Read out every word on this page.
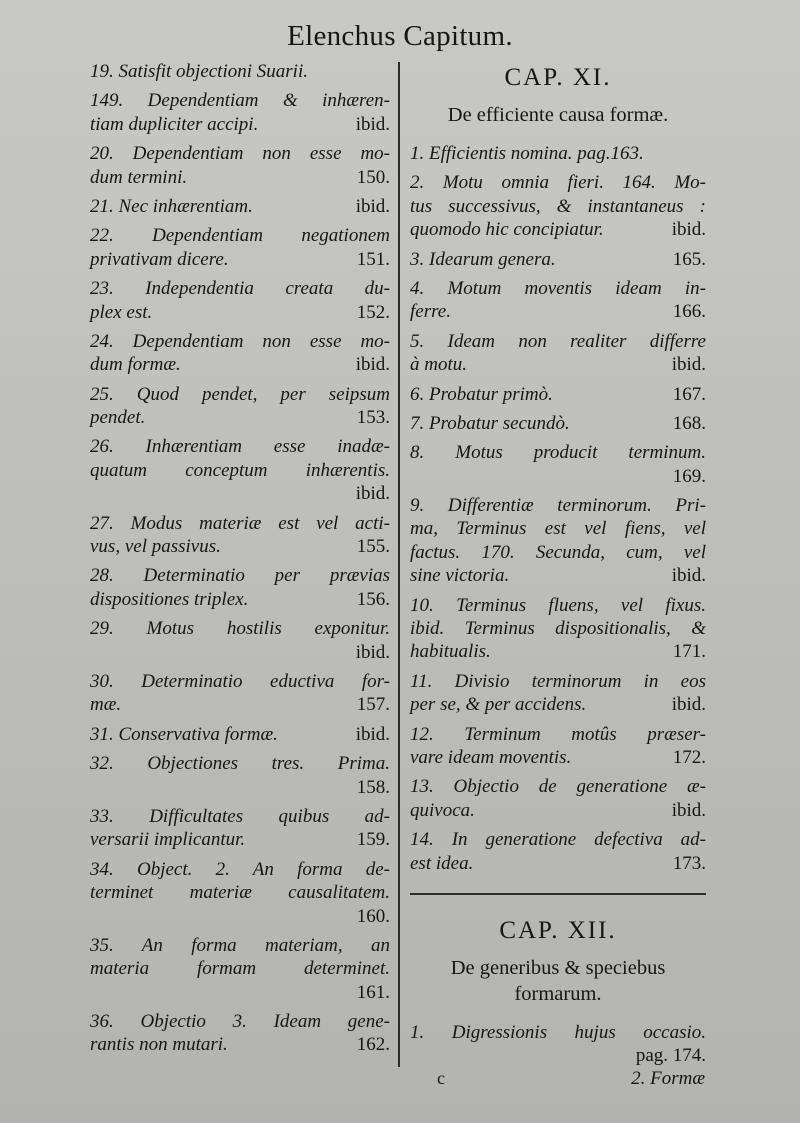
Elenchus Capitum.
19. Satisfit objectioni Suarii.
149. Dependentiam & inhæren-
tiam dupliciter accipi.	ibid.
20. Dependentiam non esse mo-
dum termini.	150.
21. Nec inhærentiam.	ibid.
22. Dependentiam negationem
privativam dicere.	151.
23. Independentia creata du-
plex est.	152.
24. Dependentiam non esse mo-
dum formæ.	ibid.
25. Quod pendet, per seipsum
pendet.	153.
26. Inhærentiam esse inadæ-
quatum conceptum inhærentis.
ibid.
27. Modus materiæ est vel acti-
vus, vel passivus.	155.
28. Determinatio per prævias
dispositiones triplex.	156.
29. Motus hostilis exponitur.
ibid.
30. Determinatio eductiva for-
mæ.	157.
31. Conservativa formæ.	ibid.
32. Objectiones tres. Prima.
158.
33. Difficultates quibus ad-
versarii implicantur.	159.
34. Object. 2. An forma de-
terminet materiæ causalitatem.
160.
35. An forma materiam, an
materia formam determinet.
161.
36. Objectio 3. Ideam gene-
rantis non mutari.	162.
CAP. XI.
De efficiente causa formæ.
1. Efficientis nomina. pag.163.
2. Motu omnia fieri. 164. Mo-
tus successivus, & instantaneus :
quomodo hic concipiatur.	ibid.
3. Idearum genera.	165.
4. Motum moventis ideam in-
ferre.	166.
5. Ideam non realiter differre
à motu.	ibid.
6. Probatur primò.	167.
7. Probatur secundò.	168.
8. Motus producit terminum.
169.
9. Differentiæ terminorum. Pri-
ma, Terminus est vel fiens, vel
factus. 170. Secunda, cum, vel
sine victoria.	ibid.
10. Terminus fluens, vel fixus.
ibid. Terminus dispositionalis, &
habitualis.	171.
11. Divisio terminorum in eos
per se, & per accidens.	ibid.
12. Terminum motûs præser-
vare ideam moventis.	172.
13. Objectio de generatione æ-
quivoca.	ibid.
14. In generatione defectiva ad-
est idea.	173.
CAP. XII.
De generibus & speciebus
formarum.
1. Digressionis hujus occasio.
pag. 174.
c	2. Formæ
